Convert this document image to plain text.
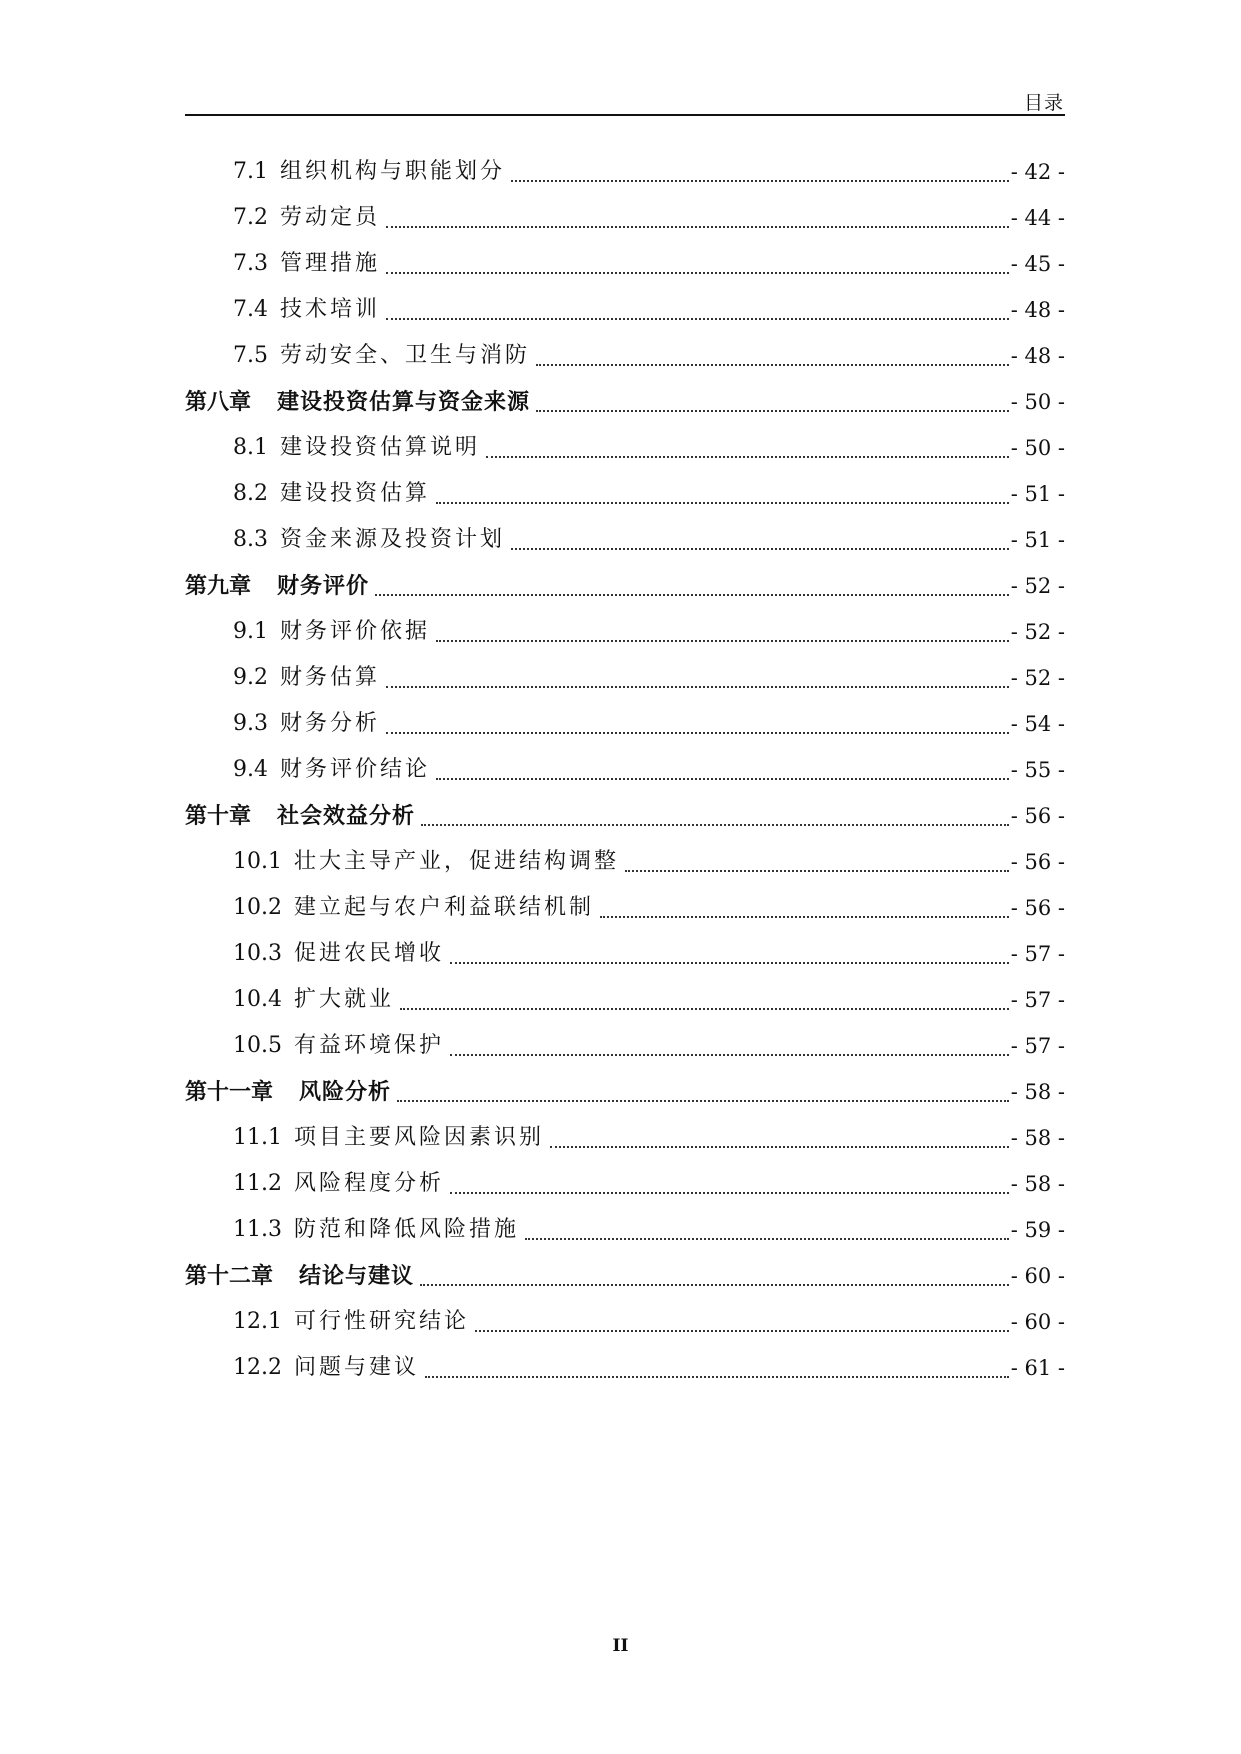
目录
7.1 组织机构与职能划分	- 42 -
7.2 劳动定员	- 44 -
7.3 管理措施	- 45 -
7.4 技术培训	- 48 -
7.5 劳动安全、卫生与消防	- 48 -
第八章 建设投资估算与资金来源	- 50 -
8.1 建设投资估算说明	- 50 -
8.2 建设投资估算	- 51 -
8.3 资金来源及投资计划	- 51 -
第九章 财务评价	- 52 -
9.1 财务评价依据	- 52 -
9.2 财务估算	- 52 -
9.3 财务分析	- 54 -
9.4 财务评价结论	- 55 -
第十章 社会效益分析	- 56 -
10.1 壮大主导产业，促进结构调整	- 56 -
10.2 建立起与农户利益联结机制	- 56 -
10.3 促进农民增收	- 57 -
10.4 扩大就业	- 57 -
10.5 有益环境保护	- 57 -
第十一章 风险分析	- 58 -
11.1 项目主要风险因素识别	- 58 -
11.2 风险程度分析	- 58 -
11.3 防范和降低风险措施	- 59 -
第十二章 结论与建议	- 60 -
12.1 可行性研究结论	- 60 -
12.2 问题与建议	- 61 -
II
